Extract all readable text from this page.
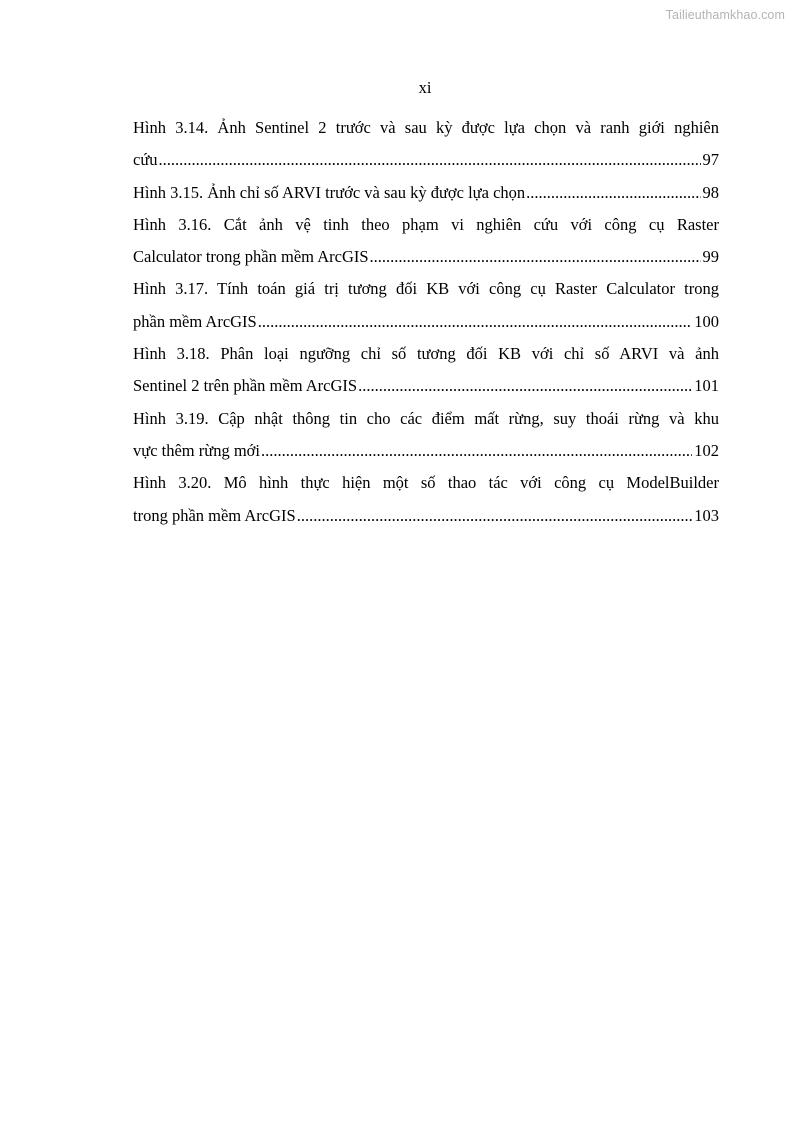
Tailieuthamkhao.com
xi
Hình 3.14. Ảnh Sentinel 2 trước và sau kỳ được lựa chọn và ranh giới nghiên
cứu .....	97
Hình 3.15. Ảnh chỉ số ARVI trước và sau kỳ được lựa chọn .....	98
Hình 3.16. Cắt ảnh vệ tinh theo phạm vi nghiên cứu với công cụ Raster
Calculator trong phần mềm ArcGIS .....	99
Hình 3.17. Tính toán giá trị tương đối KB với công cụ Raster Calculator trong
phần mềm ArcGIS .....	100
Hình 3.18. Phân loại ngưỡng chỉ số tương đối KB với chỉ số ARVI và ảnh
Sentinel 2 trên phần mềm ArcGIS .....	101
Hình 3.19. Cập nhật thông tin cho các điểm mất rừng, suy thoái rừng và khu
vực thêm rừng mới .....	102
Hình 3.20. Mô hình thực hiện một số thao tác với công cụ ModelBuilder
trong phần mềm ArcGIS .....	103
